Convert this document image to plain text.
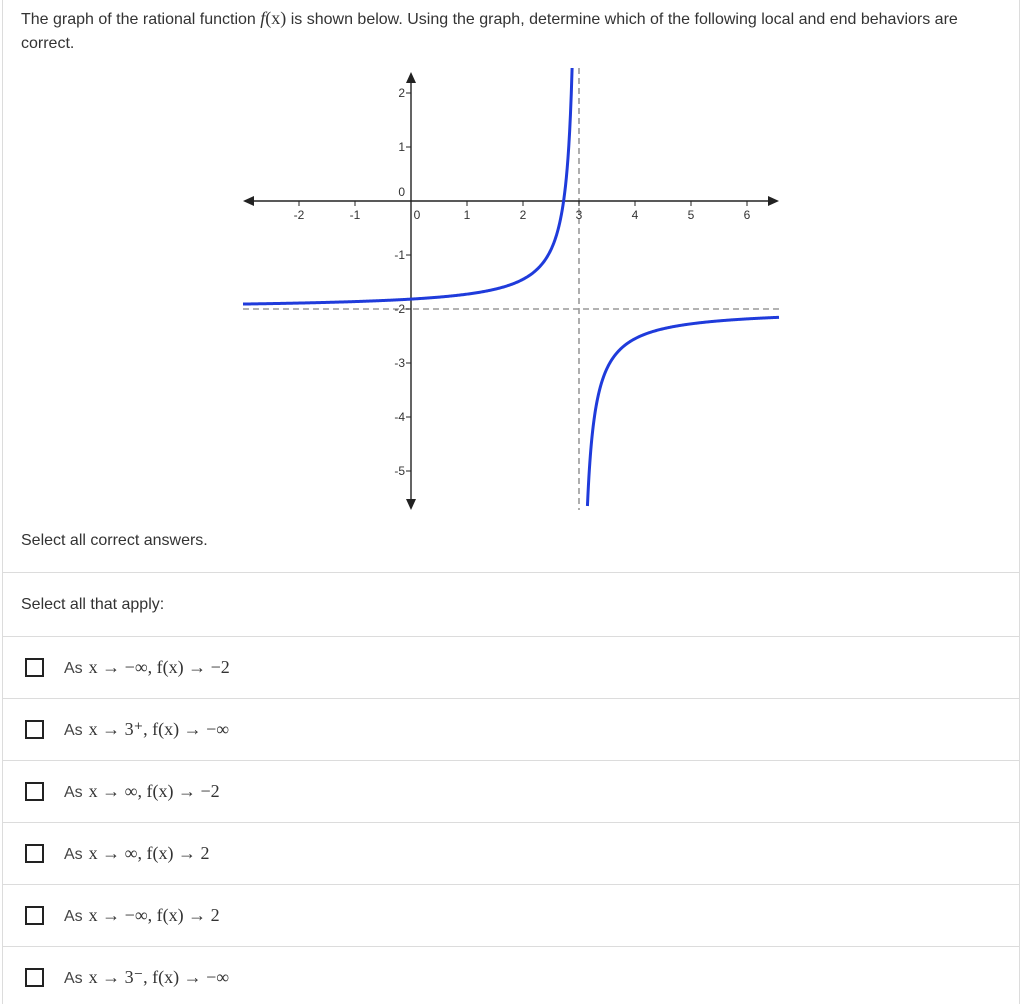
The graph of the rational function f(x) is shown below. Using the graph, determine which of the following local and end behaviors are correct.
-2	-1	0	1	2	3	4	5	6
2
1
0
-1
-2
-3
-4
-5
Select all correct answers.
Select all that apply:
As x → −∞, f(x) → −2
As x → 3⁺, f(x) → −∞
As x → ∞, f(x) → −2
As x → ∞, f(x) → 2
As x → −∞, f(x) → 2
As x → 3⁻, f(x) → −∞
